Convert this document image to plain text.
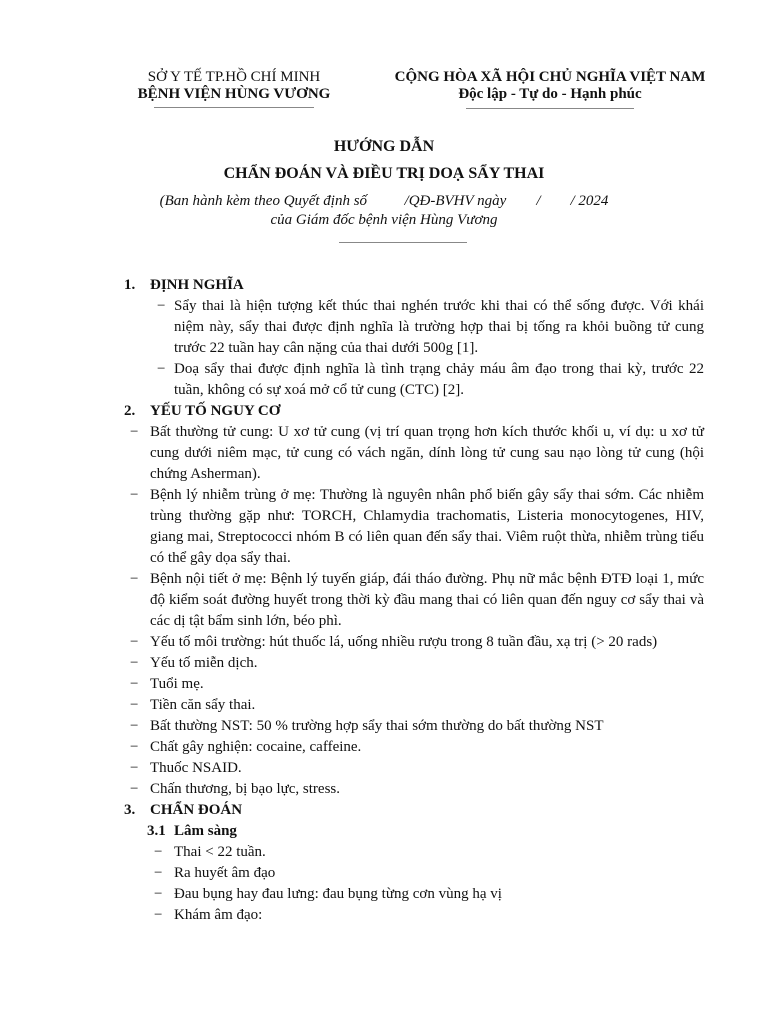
SỞ Y TẾ TP.HỒ CHÍ MINH
BỆNH VIỆN HÙNG VƯƠNG
CỘNG HÒA XÃ HỘI CHỦ NGHĨA VIỆT NAM
Độc lập - Tự do - Hạnh phúc
HƯỚNG DẪN
CHẨN ĐOÁN VÀ ĐIỀU TRỊ DOẠ SẨY THAI
(Ban hành kèm theo Quyết định số          /QĐ-BVHV ngày        /        / 2024
của Giám đốc bệnh viện Hùng Vương
1. ĐỊNH NGHĨA
− Sẩy thai là hiện tượng kết thúc thai nghén trước khi thai có thể sống được. Với khái niệm này, sẩy thai được định nghĩa là trường hợp thai bị tống ra khỏi buồng tử cung trước 22 tuần hay cân nặng của thai dưới 500g [1].
− Doạ sẩy thai được định nghĩa là tình trạng chảy máu âm đạo trong thai kỳ, trước 22 tuần, không có sự xoá mở cổ tử cung (CTC) [2].
2. YẾU TỐ NGUY CƠ
− Bất thường tử cung: U xơ tử cung (vị trí quan trọng hơn kích thước khối u, ví dụ: u xơ tử cung dưới niêm mạc, tử cung có vách ngăn, dính lòng tử cung sau nạo lòng tử cung (hội chứng Asherman).
− Bệnh lý nhiễm trùng ở mẹ: Thường là nguyên nhân phổ biến gây sẩy thai sớm. Các nhiễm trùng thường gặp như: TORCH, Chlamydia trachomatis, Listeria monocytogenes, HIV, giang mai, Streptococci nhóm B có liên quan đến sẩy thai. Viêm ruột thừa, nhiễm trùng tiểu có thể gây dọa sẩy thai.
− Bệnh nội tiết ở mẹ: Bệnh lý tuyến giáp, đái tháo đường. Phụ nữ mắc bệnh ĐTĐ loại 1, mức độ kiểm soát đường huyết trong thời kỳ đầu mang thai có liên quan đến nguy cơ sẩy thai và các dị tật bẩm sinh lớn, béo phì.
− Yếu tố môi trường: hút thuốc lá, uống nhiều rượu trong 8 tuần đầu, xạ trị (> 20 rads)
− Yếu tố miễn dịch.
− Tuổi mẹ.
− Tiền căn sẩy thai.
− Bất thường NST: 50 % trường hợp sẩy thai sớm thường do bất thường NST
− Chất gây nghiện: cocaine, caffeine.
− Thuốc NSAID.
− Chấn thương, bị bạo lực, stress.
3. CHẨN ĐOÁN
3.1 Lâm sàng
− Thai < 22 tuần.
− Ra huyết âm đạo
− Đau bụng hay đau lưng: đau bụng từng cơn vùng hạ vị
− Khám âm đạo:
